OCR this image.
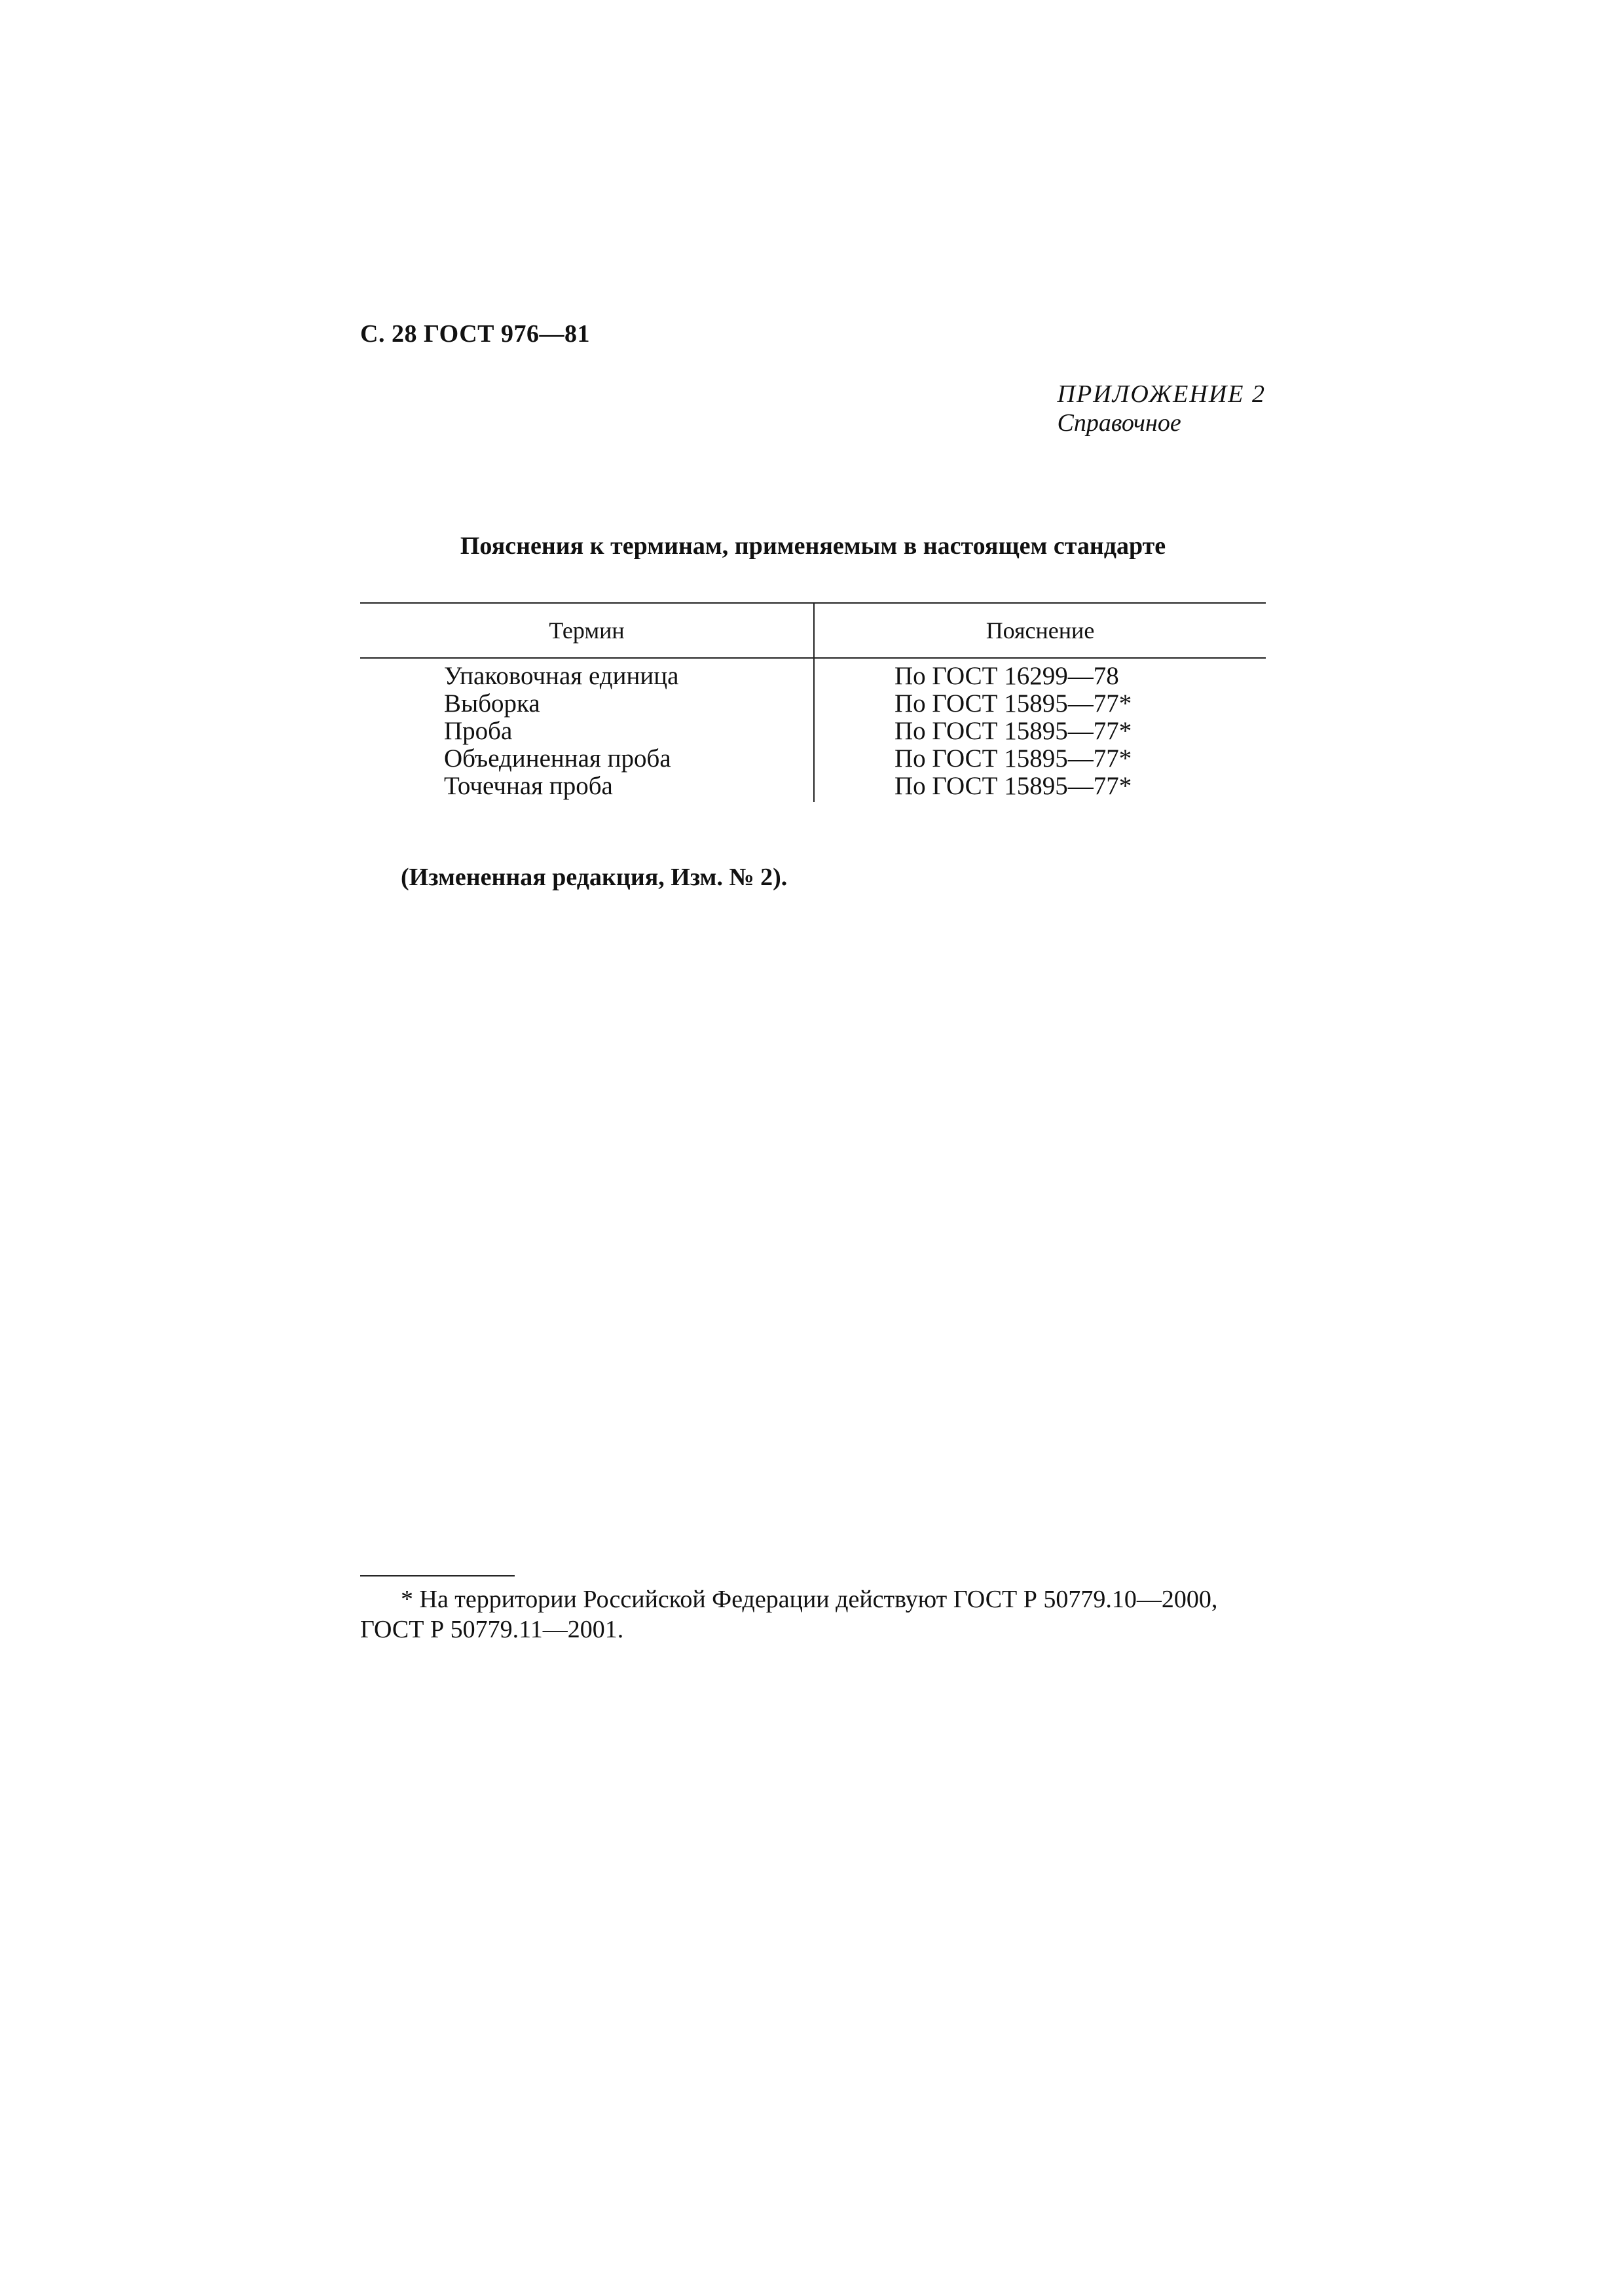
С. 28 ГОСТ 976—81
ПРИЛОЖЕНИЕ 2
Справочное
Пояснения к терминам, применяемым в настоящем стандарте
Термин	Пояснение
Упаковочная единица	По ГОСТ 16299—78
Выборка	По ГОСТ 15895—77*
Проба	По ГОСТ 15895—77*
Объединенная проба	По ГОСТ 15895—77*
Точечная проба	По ГОСТ 15895—77*
(Измененная редакция, Изм. № 2).
* На территории Российской Федерации действуют ГОСТ Р 50779.10—2000,
ГОСТ Р 50779.11—2001.
